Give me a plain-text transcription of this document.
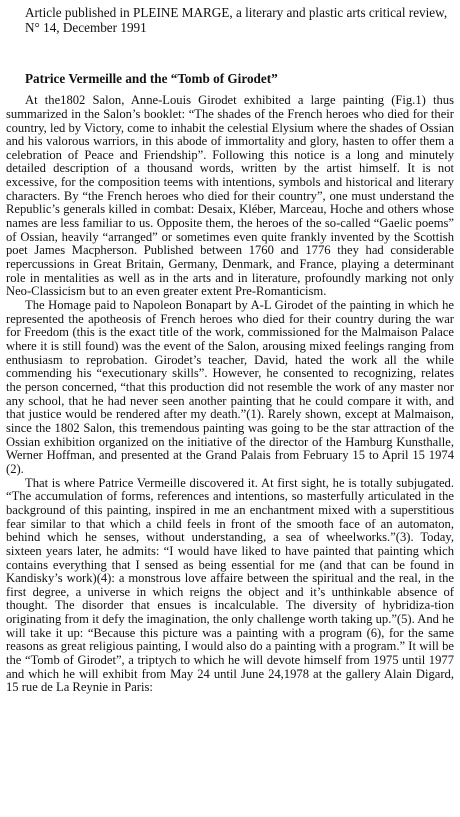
Article published in PLEINE MARGE, a literary and plastic arts critical review,
N° 14, December 1991
Patrice Vermeille and the “Tomb of Girodet”

At the1802 Salon, Anne-Louis Girodet exhibited a large painting (Fig.1) thus summarized in the Salon’s booklet: “The shades of the French heroes who died for their country, led by Victory, come to inhabit the celestial Elysium where the shades of Ossian and his valorous warriors, in this abode of immortality and glory, hasten to offer them a celebration of Peace and Friendship”. Following this notice is a long and minutely detailed description of a thousand words, written by the artist himself. It is not excessive, for the composition teems with intentions, symbols and historical and literary characters. By “the French heroes who died for their country”, one must understand the Republic’s generals killed in combat: Desaix, Kléber, Marceau, Hoche and others whose names are less familiar to us. Opposite them, the heroes of the so-called “Gaelic poems” of Ossian, heavily “arranged” or sometimes even quite frankly invented by the Scottish poet James Macpherson. Published between 1760 and 1776 they had considerable repercussions in Great Britain, Germany, Denmark, and France, playing a determinant role in mentalities as well as in the arts and in literature, profoundly marking not only Neo-Classicism but to an even greater extent Pre-Romanticism.

The Homage paid to Napoleon Bonapart by A-L Girodet of the painting in which he represented the apotheosis of French heroes who died for their country during the war for Freedom (this is the exact title of the work, commissioned for the Malmaison Palace where it is still found) was the event of the Salon, arousing mixed feelings ranging from enthusiasm to reprobation. Girodet’s teacher, David, hated the work all the while commending his “executionary skills”. However, he consented to recognizing, relates the person concerned, “that this production did not resemble the work of any master nor any school, that he had never seen another painting that he could compare it with, and that justice would be rendered after my death.”(1). Rarely shown, except at Malmaison, since the 1802 Salon, this tremendous painting was going to be the star attraction of the Ossian exhibition organized on the initiative of the director of the Hamburg Kunsthalle, Werner Hoffman, and presented at the Grand Palais from February 15 to April 15 1974 (2).

That is where Patrice Vermeille discovered it. At first sight, he is totally subjugated. “The accumulation of forms, references and intentions, so masterfully articulated in the background of this painting, inspired in me an enchantment mixed with a superstitious fear similar to that which a child feels in front of the smooth face of an automaton, behind which he senses, without understanding, a sea of wheelworks.”(3). Today, sixteen years later, he admits: “I would have liked to have painted that painting which contains everything that I sensed as being essential for me (and that can be found in Kandisky’s work)(4): a monstrous love affaire between the spiritual and the real, in the first degree, a universe in which reigns the object and it’s unthinkable absence of thought. The disorder that ensues is incalculable. The diversity of hybridiza-tion originating from it defy the imagination, the only challenge worth taking up.”(5). And he will take it up: “Because this picture was a painting with a program (6), for the same reasons as great religious painting, I would also do a painting with a program.” It will be the “Tomb of Girodet”, a triptych to which he will devote himself from 1975 until 1977 and which he will exhibit from May 24 until June 24,1978 at the gallery Alain Digard, 15 rue de La Reynie in Paris:
